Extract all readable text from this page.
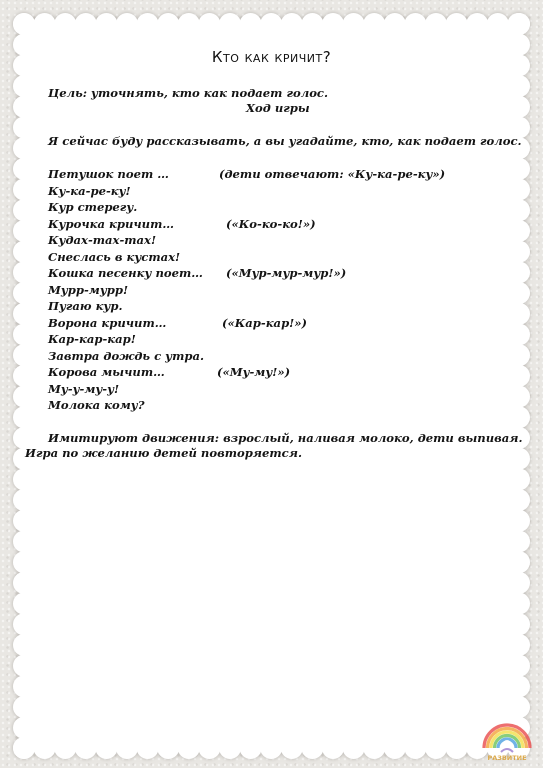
Кто как кричит?
Цель: уточнять, кто как подает голос.
Ход игры
Я сейчас буду рассказывать, а вы угадайте, кто, как подает голос.
Петушок поет …
Ку-ка-ре-ку!
Кур стерегу.
Курочка кричит…
Кудах-тах-тах!
Снеслась в кустах!
Кошка песенку поет…
Мурр-мурр!
Пугаю кур.
Ворона кричит…
Кар-кар-кар!
Завтра дождь с утра.
Корова мычит…
Му-у-му-у!
Молока кому?
(дети отвечают: «Ку-ка-ре-ку»)
(«Ко-ко-ко!»)
(«Мур-мур-мур!»)
(«Кар-кар!»)
(«Му-му!»)
Имитируют движения: взрослый, наливая молоко, дети выпивая.
Игра по желанию детей повторяется.
РАЗВИТИЕ
